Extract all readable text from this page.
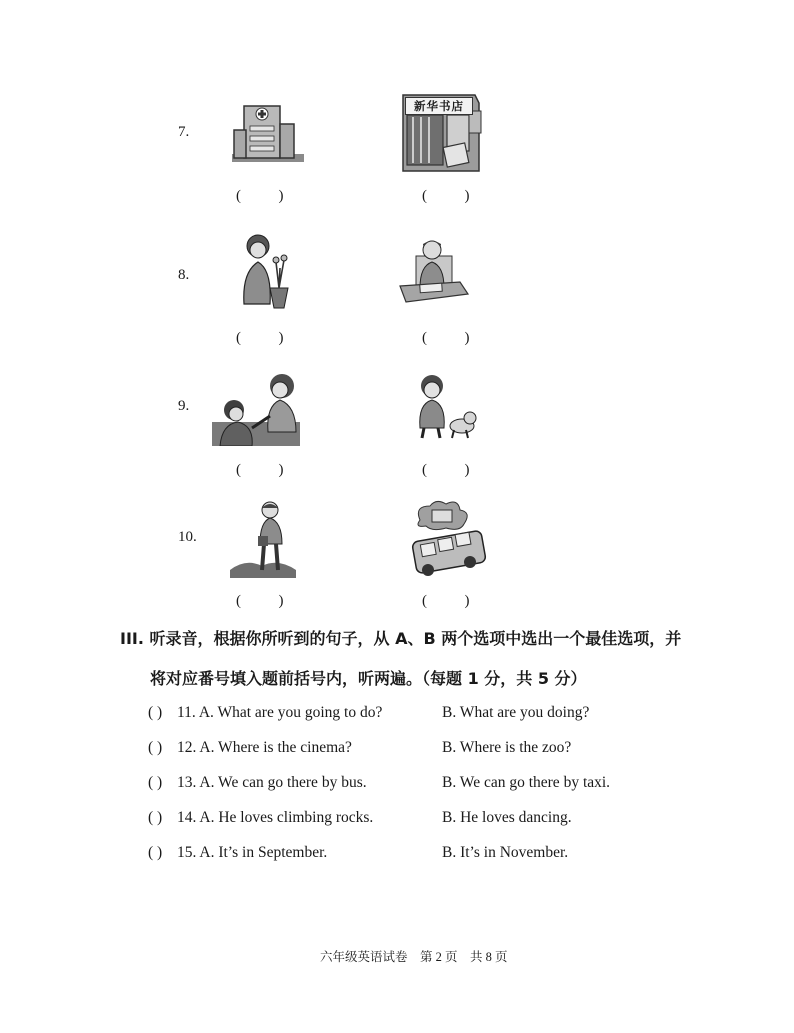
7.
新华书店
(          )	(          )
8.
(          )	(          )
9.
(          )	(          )
10.
(          )	(          )
III. 听录音，根据你所听到的句子，从 A、B 两个选项中选出一个最佳选项，并
将对应番号填入题前括号内，听两遍。（每题 1 分，共 5 分）
( ) 11. A. What are you going to do?	B. What are you doing?
( ) 12. A. Where is the cinema?	B. Where is the zoo?
( ) 13. A. We can go there by bus.	B. We can go there by taxi.
( ) 14. A. He loves climbing rocks.	B. He loves dancing.
( ) 15. A. It’s in September.	B. It’s in November.
六年级英语试卷    第 2 页    共 8 页
